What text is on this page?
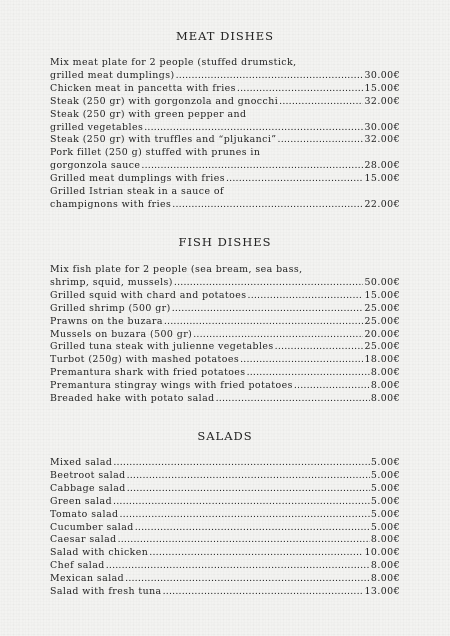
MEAT DISHES
Mix meat plate for 2 people (stuffed drumstick,
grilled meat dumplings) .....	30.00€
Chicken meat in pancetta with fries .....	15.00€
Steak (250 gr) with gorgonzola and gnocchi .....	32.00€
Steak (250 gr) with green pepper and
grilled vegetables .....	30.00€
Steak (250 gr) with truffles and “pljukanci” .....	32.00€
Pork fillet (250 g) stuffed with prunes in
gorgonzola sauce .....	28.00€
Grilled meat dumplings with fries .....	15.00€
Grilled Istrian steak in a sauce of
champignons with fries .....	22.00€
FISH DISHES
Mix fish plate for 2 people (sea bream, sea bass,
shrimp, squid, mussels) .....	50.00€
Grilled squid with chard and potatoes .....	15.00€
Grilled shrimp (500 gr) .....	25.00€
Prawns on the buzara .....	25.00€
Mussels on buzara (500 gr) .....	20.00€
Grilled tuna steak with julienne vegetables .....	25.00€
Turbot (250g) with mashed potatoes .....	18.00€
Premantura shark with fried potatoes .....	8.00€
Premantura stingray wings with fried potatoes .....	8.00€
Breaded hake with potato salad .....	8.00€
SALADS
Mixed salad .....	5.00€
Beetroot salad .....	5.00€
Cabbage salad .....	5.00€
Green salad .....	5.00€
Tomato salad .....	5.00€
Cucumber salad .....	5.00€
Caesar salad .....	8.00€
Salad with chicken .....	10.00€
Chef salad .....	8.00€
Mexican salad .....	8.00€
Salad with fresh tuna .....	13.00€
